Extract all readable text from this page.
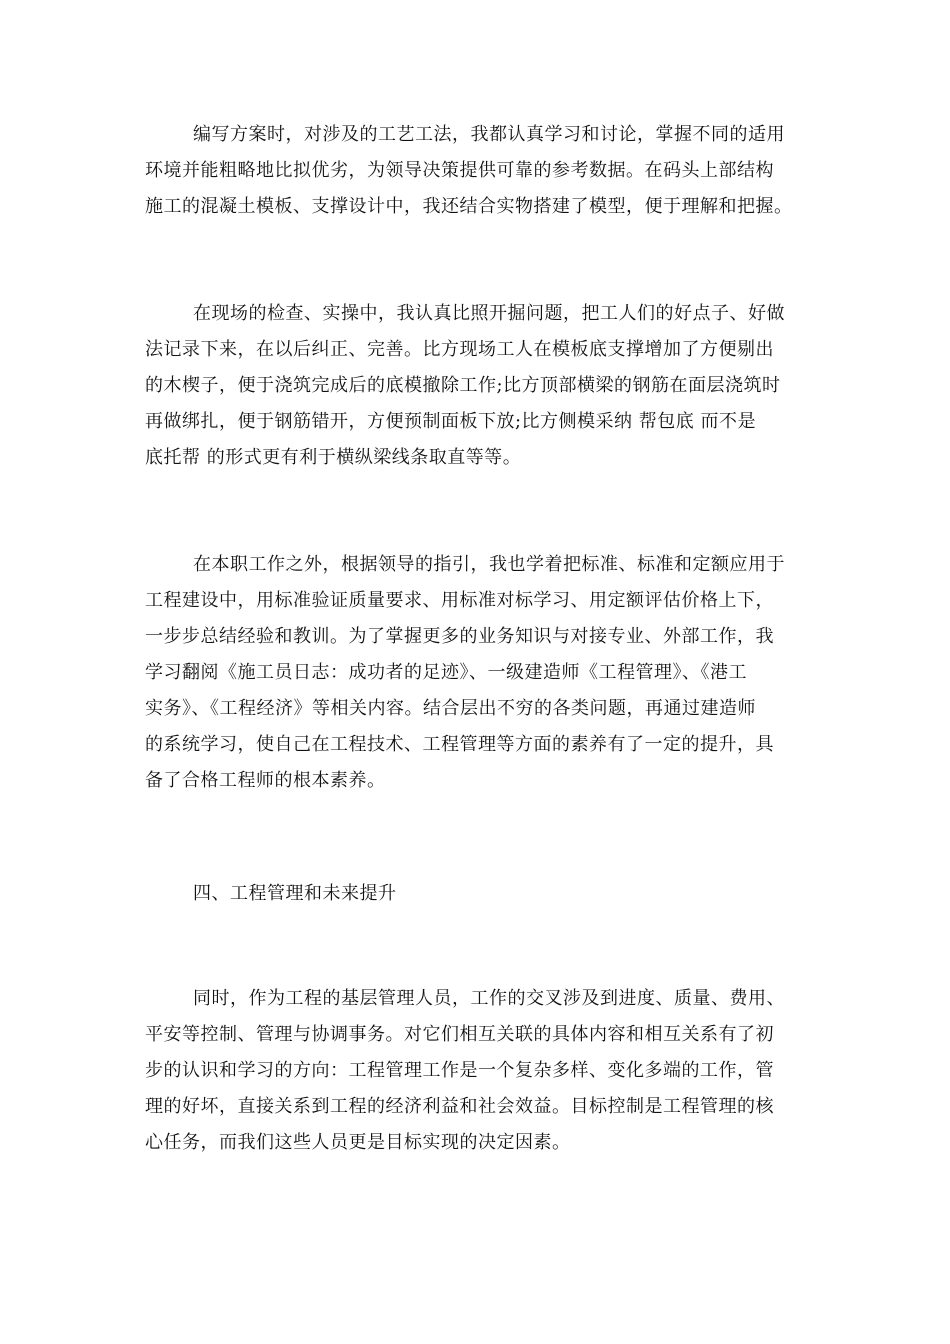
编写方案时，对涉及的工艺工法，我都认真学习和讨论，掌握不同的适用
环境并能粗略地比拟优劣，为领导决策提供可靠的参考数据。在码头上部结构
施工的混凝土模板、支撑设计中，我还结合实物搭建了模型，便于理解和把握。
在现场的检查、实操中，我认真比照开掘问题，把工人们的好点子、好做
法记录下来，在以后纠正、完善。比方现场工人在模板底支撑增加了方便剔出
的木楔子，便于浇筑完成后的底模撤除工作;比方顶部横梁的钢筋在面层浇筑时
再做绑扎，便于钢筋错开，方便预制面板下放;比方侧模采纳 帮包底 而不是
底托帮 的形式更有利于横纵梁线条取直等等。
在本职工作之外，根据领导的指引，我也学着把标准、标准和定额应用于
工程建设中，用标准验证质量要求、用标准对标学习、用定额评估价格上下，
一步步总结经验和教训。为了掌握更多的业务知识与对接专业、外部工作，我
学习翻阅《施工员日志：成功者的足迹》、一级建造师《工程管理》、《港工
实务》、《工程经济》等相关内容。结合层出不穷的各类问题，再通过建造师
的系统学习，使自己在工程技术、工程管理等方面的素养有了一定的提升，具
备了合格工程师的根本素养。
四、工程管理和未来提升
同时，作为工程的基层管理人员，工作的交叉涉及到进度、质量、费用、
平安等控制、管理与协调事务。对它们相互关联的具体内容和相互关系有了初
步的认识和学习的方向：工程管理工作是一个复杂多样、变化多端的工作，管
理的好坏，直接关系到工程的经济利益和社会效益。目标控制是工程管理的核
心任务，而我们这些人员更是目标实现的决定因素。
